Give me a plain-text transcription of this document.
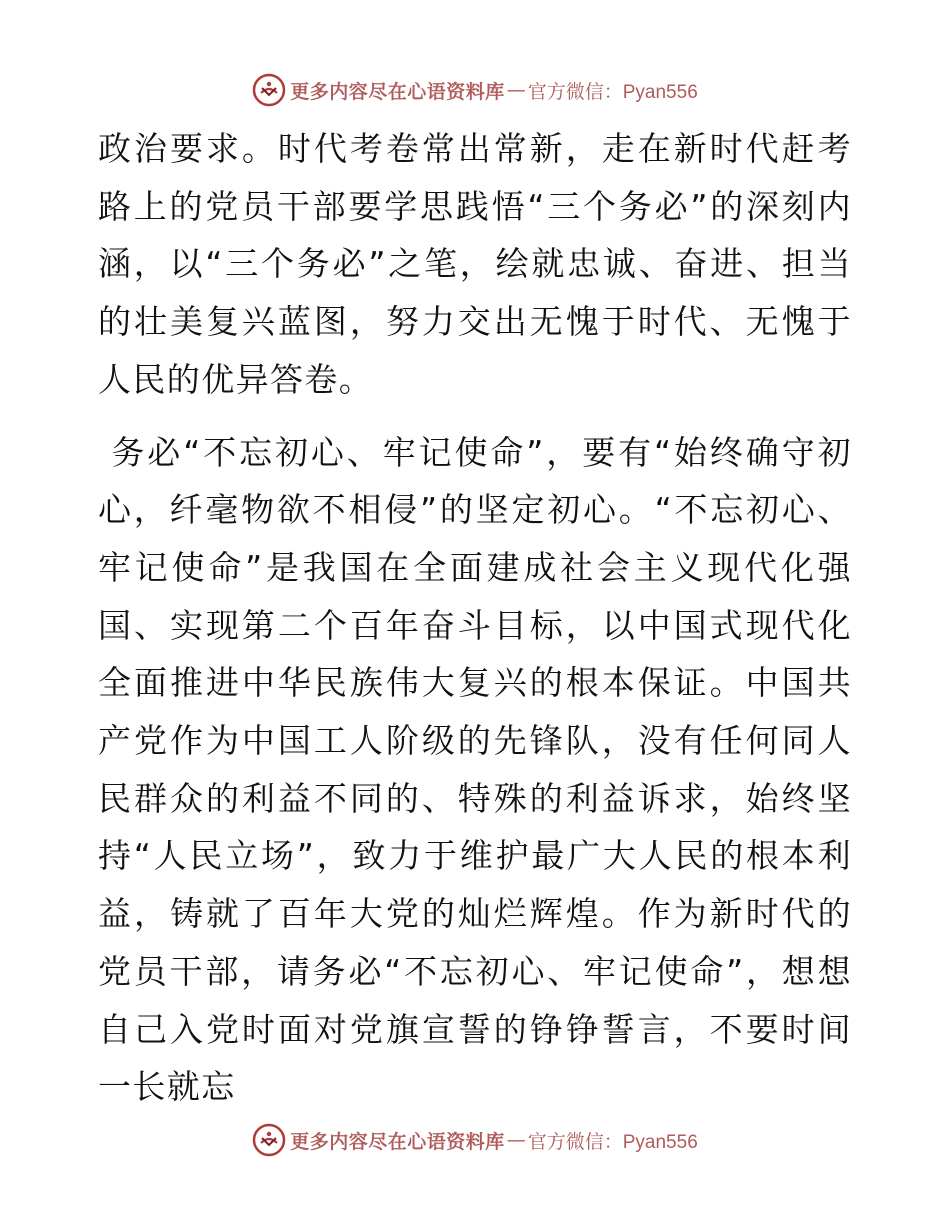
更多内容尽在心语资料库 — 官方微信：Pyan556

政治要求。时代考卷常出常新，走在新时代赶考路上的党员干部要学思践悟“三个务必”的深刻内涵，以“三个务必”之笔，绘就忠诚、奋进、担当的壮美复兴蓝图，努力交出无愧于时代、无愧于人民的优异答卷。

务必“不忘初心、牢记使命”，要有“始终确守初心，纤毫物欲不相侵”的坚定初心。“不忘初心、牢记使命”是我国在全面建成社会主义现代化强国、实现第二个百年奋斗目标，以中国式现代化全面推进中华民族伟大复兴的根本保证。中国共产党作为中国工人阶级的先锋队，没有任何同人民群众的利益不同的、特殊的利益诉求，始终坚持“人民立场”，致力于维护最广大人民的根本利益，铸就了百年大党的灿烂辉煌。作为新时代的党员干部，请务必“不忘初心、牢记使命”，想想自己入党时面对党旗宣誓的铮铮誓言，不要时间一长就忘

更多内容尽在心语资料库 — 官方微信：Pyan556
